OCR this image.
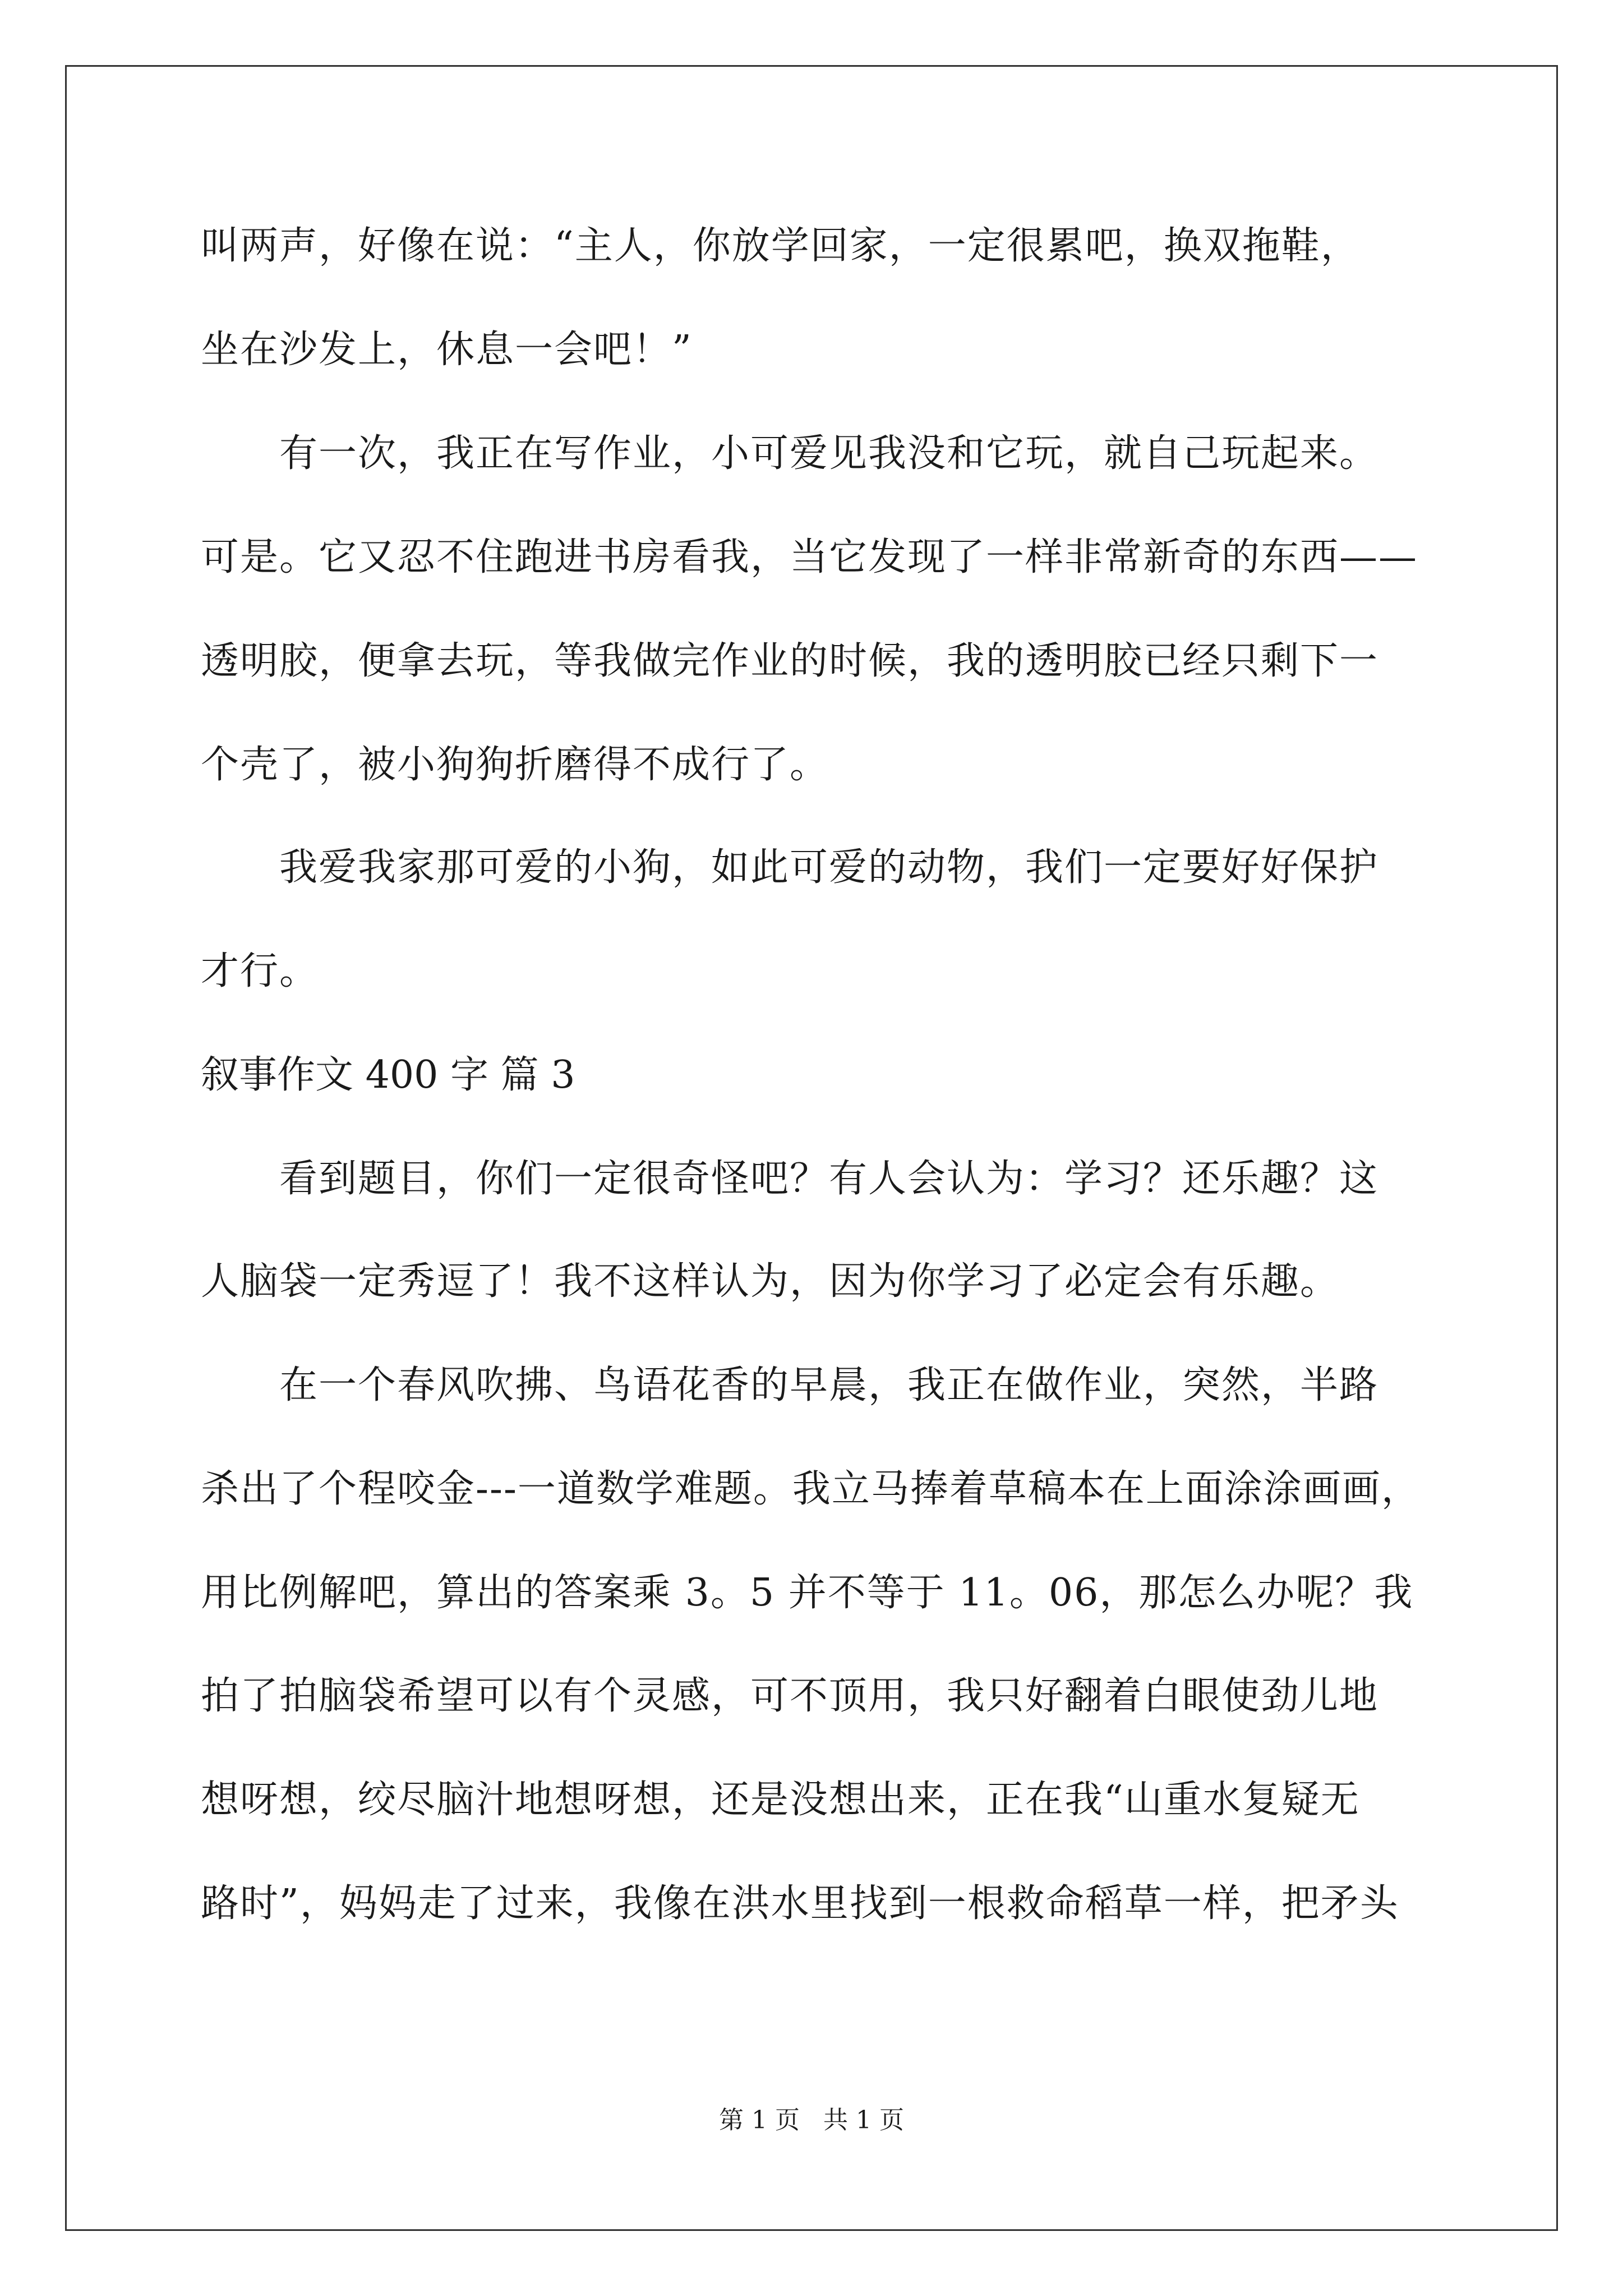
叫两声，好像在说：“主人，你放学回家，一定很累吧，换双拖鞋，
坐在沙发上，休息一会吧！”
有一次，我正在写作业，小可爱见我没和它玩，就自己玩起来。
可是。它又忍不住跑进书房看我，当它发现了一样非常新奇的东西——
透明胶，便拿去玩，等我做完作业的时候，我的透明胶已经只剩下一
个壳了，被小狗狗折磨得不成行了。
我爱我家那可爱的小狗，如此可爱的动物，我们一定要好好保护
才行。
叙事作文 400 字 篇 3
看到题目，你们一定很奇怪吧？有人会认为：学习？还乐趣？这
人脑袋一定秀逗了！我不这样认为，因为你学习了必定会有乐趣。
在一个春风吹拂、鸟语花香的早晨，我正在做作业，突然，半路
杀出了个程咬金---一道数学难题。我立马捧着草稿本在上面涂涂画画，
用比例解吧，算出的答案乘 3。5 并不等于 11。06，那怎么办呢？我
拍了拍脑袋希望可以有个灵感，可不顶用，我只好翻着白眼使劲儿地
想呀想，绞尽脑汁地想呀想，还是没想出来，正在我“山重水复疑无
路时”，妈妈走了过来，我像在洪水里找到一根救命稻草一样，把矛头
第 1 页   共 1 页
